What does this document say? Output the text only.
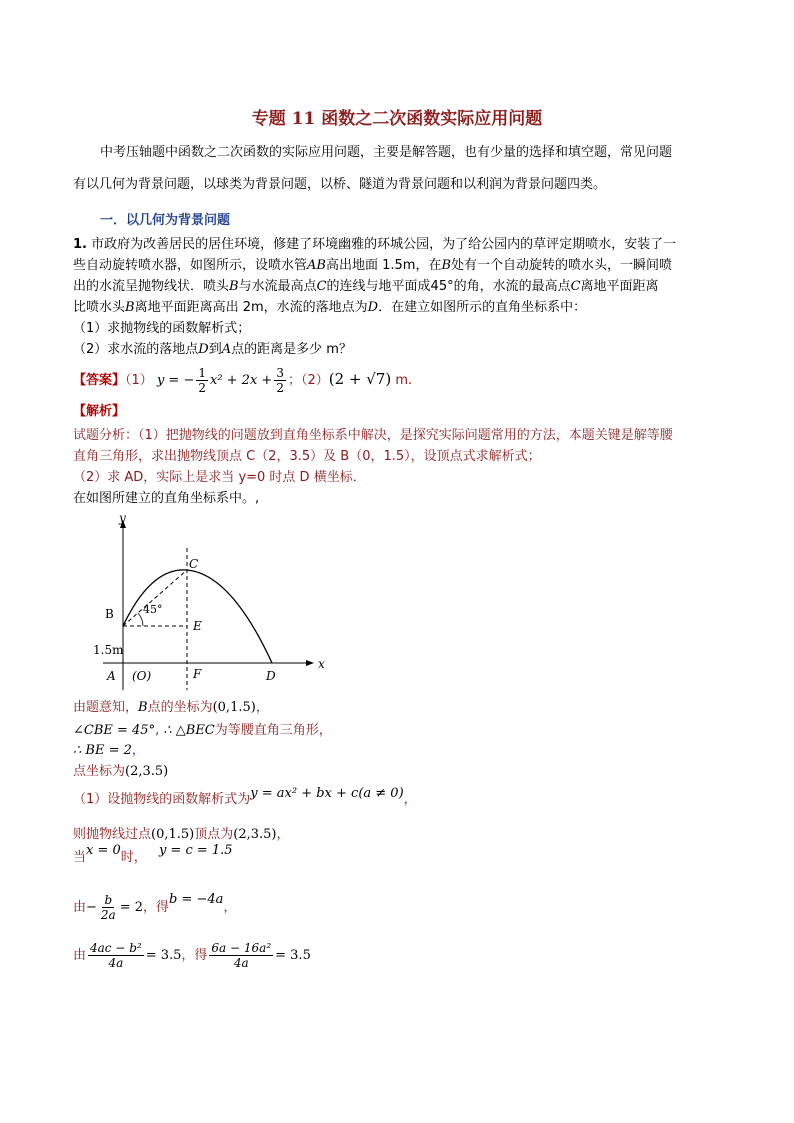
专题 11 函数之二次函数实际应用问题
中考压轴题中函数之二次函数的实际应用问题，主要是解答题，也有少量的选择和填空题，常见问题
有以几何为背景问题，以球类为背景问题，以桥、隧道为背景问题和以利润为背景问题四类。
一．以几何为背景问题
1. 市政府为改善居民的居住环境，修建了环境幽雅的环城公园，为了给公园内的草评定期喷水，安装了一
些自动旋转喷水器，如图所示，设喷水管AB高出地面 1.5m，在B处有一个自动旋转的喷水头，一瞬间喷
出的水流呈抛物线状．喷头B与水流最高点C的连线与地平面成45°的角，水流的最高点C离地平面距离
比喷水头B离地平面距离高出 2m，水流的落地点为D．在建立如图所示的直角坐标系中：
（1）求抛物线的函数解析式；
（2）求水流的落地点D到A点的距离是多少 m？
【答案】（1） y = − $\frac{1}{2} x^2 + 2x + \frac{3}{2}$ ；（2）(2 + √7) m.
【解析】
试题分析：（1）把抛物线的问题放到直角坐标系中解决，是探究实际问题常用的方法，本题关键是解等腰
直角三角形，求出抛物线顶点 C（2，3.5）及 B（0，1.5），设顶点式求解析式；
（2）求 AD，实际上是求当 y=0 时点 D 横坐标．
在如图所建立的直角坐标系中。,
y
x
B
C
E
45°
1.5m
A (O)	F	D
由题意知，B点的坐标为(0,1.5)，
∠CBE = 45°, ∴ △BEC为等腰直角三角形，
∴ BE = 2，
点坐标为(2,3.5)
（1）设抛物线的函数解析式为y = ax² + bx + c(a ≠ 0)，
则抛物线过点(0,1.5)顶点为(2,3.5)，
当x = 0时， y = c = 1.5
由− $\frac{b}{2a} = 2$，得b = −4a，
由 $\frac{\text{4ac − b²}}{4a} = 3.5$，得 $\frac{\text{6a − 16a²}}{4a} = 3.5$
